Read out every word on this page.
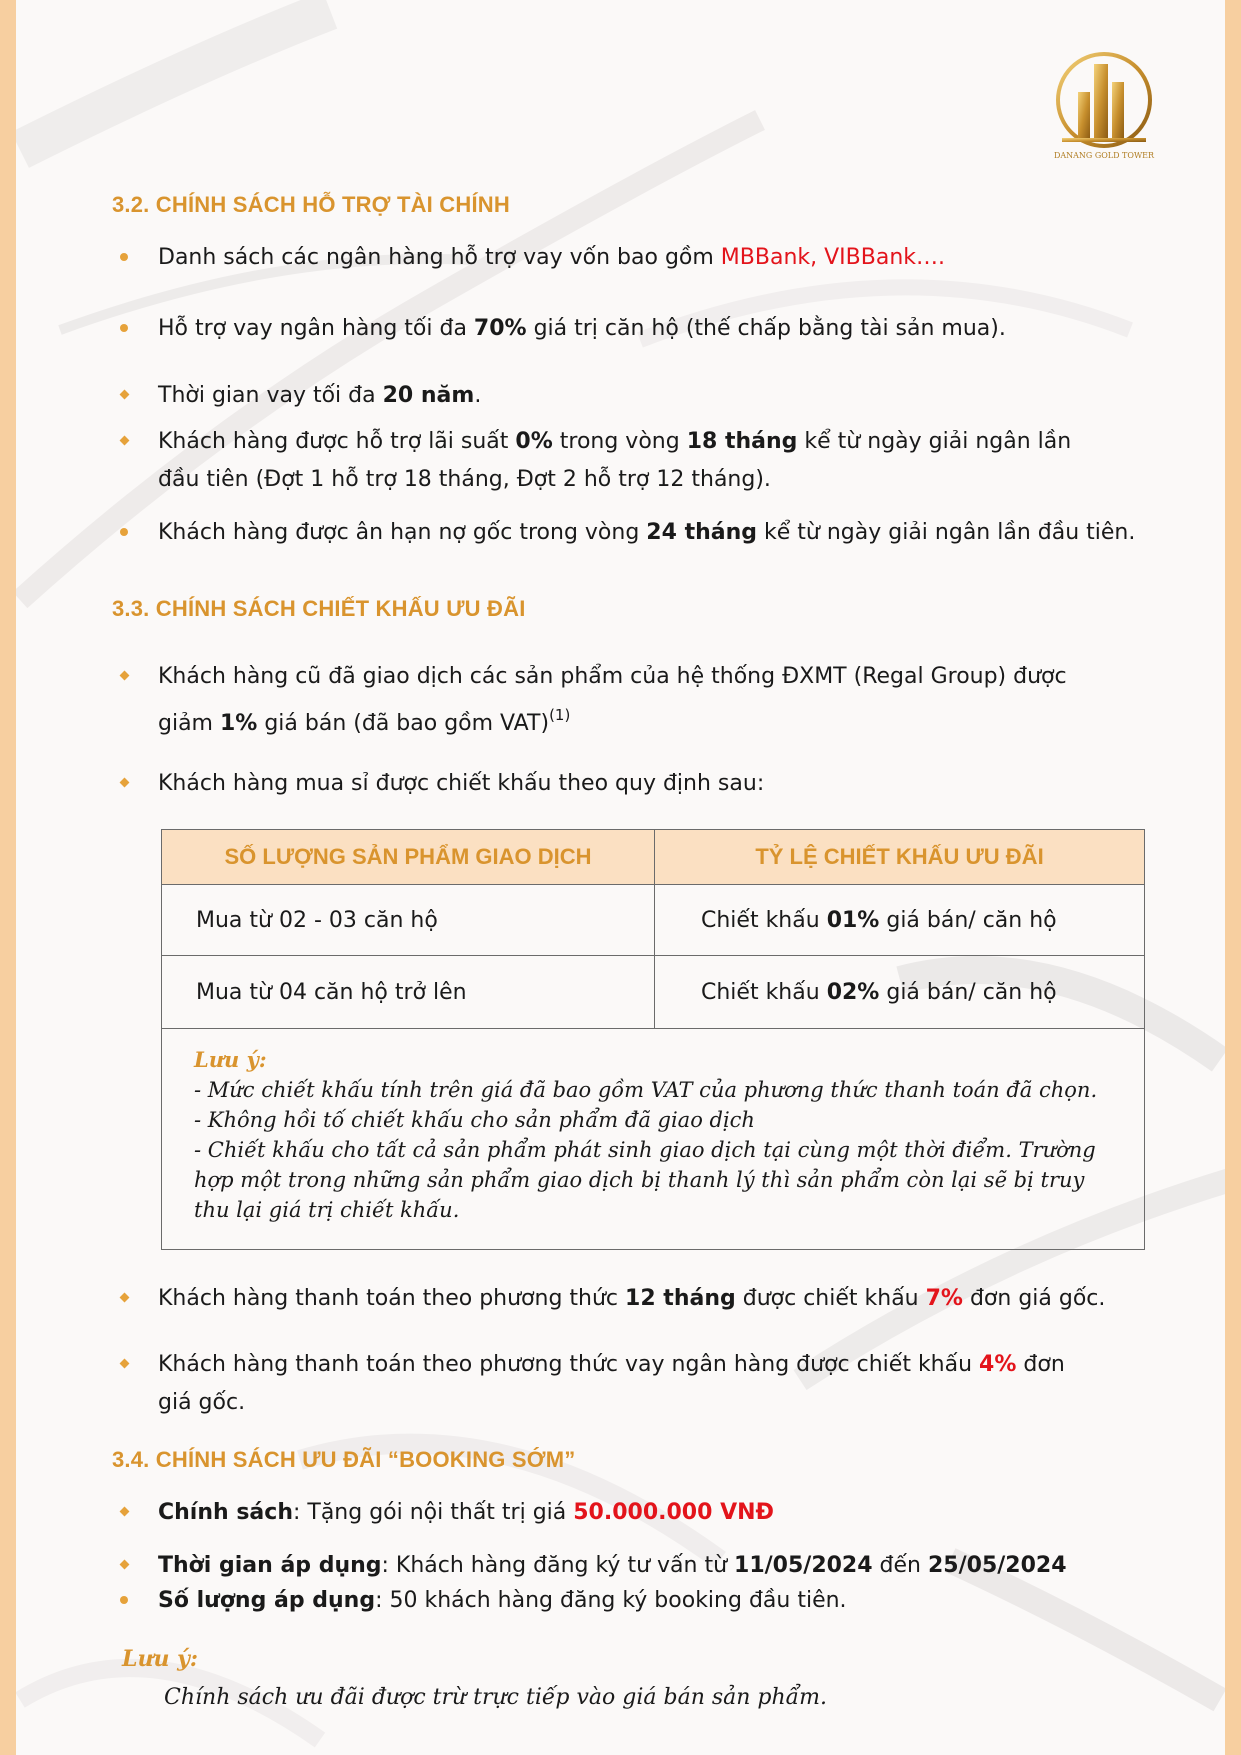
DANANG GOLD TOWER
3.2. CHÍNH SÁCH HỖ TRỢ TÀI CHÍNH
Danh sách các ngân hàng hỗ trợ vay vốn bao gồm MBBank, VIBBank….
Hỗ trợ vay ngân hàng tối đa 70% giá trị căn hộ (thế chấp bằng tài sản mua).
Thời gian vay tối đa 20 năm.
Khách hàng được hỗ trợ lãi suất 0% trong vòng 18 tháng kể từ ngày giải ngân lần
đầu tiên (Đợt 1 hỗ trợ 18 tháng, Đợt 2 hỗ trợ 12 tháng).
Khách hàng được ân hạn nợ gốc trong vòng 24 tháng kể từ ngày giải ngân lần đầu tiên.
3.3. CHÍNH SÁCH CHIẾT KHẤU ƯU ĐÃI
Khách hàng cũ đã giao dịch các sản phẩm của hệ thống ĐXMT (Regal Group) được
giảm 1% giá bán (đã bao gồm VAT)$^{(1)}$
Khách hàng mua sỉ được chiết khấu theo quy định sau:
SỐ LƯỢNG SẢN PHẨM GIAO DỊCH	TỶ LỆ CHIẾT KHẤU ƯU ĐÃI
Mua từ 02 - 03 căn hộ	Chiết khấu 01% giá bán/ căn hộ
Mua từ 04 căn hộ trở lên	Chiết khấu 02% giá bán/ căn hộ

Lưu ý:
- Mức chiết khấu tính trên giá đã bao gồm VAT của phương thức thanh toán đã chọn.
- Không hồi tố chiết khấu cho sản phẩm đã giao dịch
- Chiết khấu cho tất cả sản phẩm phát sinh giao dịch tại cùng một thời điểm. Trường hợp một trong những sản phẩm giao dịch bị thanh lý thì sản phẩm còn lại sẽ bị truy thu lại giá trị chiết khấu.	
Khách hàng thanh toán theo phương thức 12 tháng được chiết khấu 7% đơn giá gốc.
Khách hàng thanh toán theo phương thức vay ngân hàng được chiết khấu 4% đơn
giá gốc.
3.4. CHÍNH SÁCH ƯU ĐÃI “BOOKING SỚM”
Chính sách: Tặng gói nội thất trị giá 50.000.000 VNĐ
Thời gian áp dụng: Khách hàng đăng ký tư vấn từ 11/05/2024 đến 25/05/2024
Số lượng áp dụng: 50 khách hàng đăng ký booking đầu tiên.
Lưu ý:
Chính sách ưu đãi được trừ trực tiếp vào giá bán sản phẩm.
